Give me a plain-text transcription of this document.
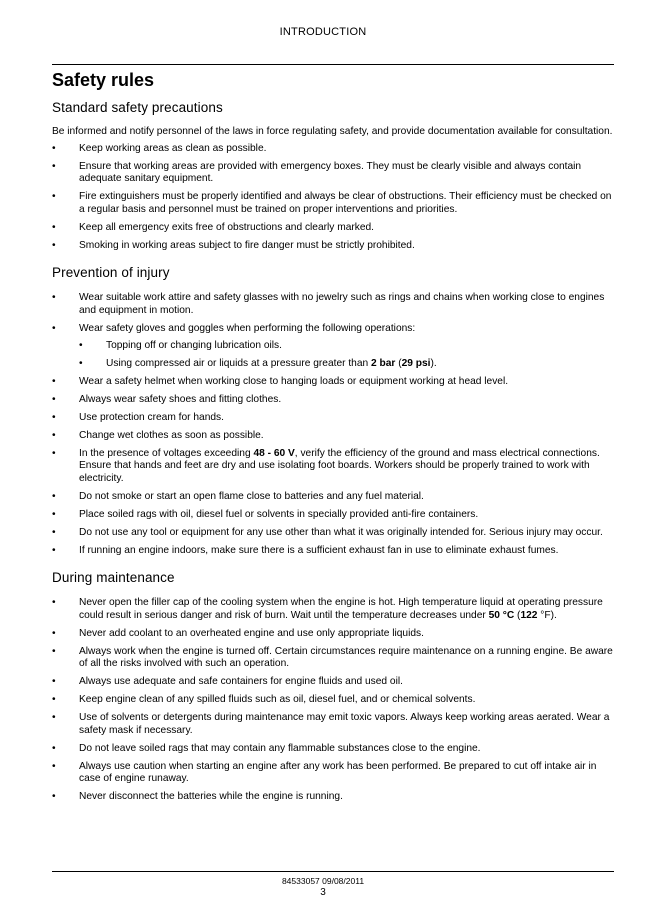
INTRODUCTION
Safety rules
Standard safety precautions

Be informed and notify personnel of the laws in force regulating safety, and provide documentation available for consultation.

• Keep working areas as clean as possible.
• Ensure that working areas are provided with emergency boxes. They must be clearly visible and always contain adequate sanitary equipment.
• Fire extinguishers must be properly identified and always be clear of obstructions. Their efficiency must be checked on a regular basis and personnel must be trained on proper interventions and priorities.
• Keep all emergency exits free of obstructions and clearly marked.
• Smoking in working areas subject to fire danger must be strictly prohibited.
Prevention of injury
• Wear suitable work attire and safety glasses with no jewelry such as rings and chains when working close to engines and equipment in motion.
• Wear safety gloves and goggles when performing the following operations:
• Topping off or changing lubrication oils.
• Using compressed air or liquids at a pressure greater than 2 bar (29 psi).
• Wear a safety helmet when working close to hanging loads or equipment working at head level.
• Always wear safety shoes and fitting clothes.
• Use protection cream for hands.
• Change wet clothes as soon as possible.
• In the presence of voltages exceeding 48 - 60 V, verify the efficiency of the ground and mass electrical connections. Ensure that hands and feet are dry and use isolating foot boards. Workers should be properly trained to work with electricity.
• Do not smoke or start an open flame close to batteries and any fuel material.
• Place soiled rags with oil, diesel fuel or solvents in specially provided anti-fire containers.
• Do not use any tool or equipment for any use other than what it was originally intended for. Serious injury may occur.
• If running an engine indoors, make sure there is a sufficient exhaust fan in use to eliminate exhaust fumes.
During maintenance
• Never open the filler cap of the cooling system when the engine is hot. High temperature liquid at operating pressure could result in serious danger and risk of burn. Wait until the temperature decreases under 50 °C (122 °F).
• Never add coolant to an overheated engine and use only appropriate liquids.
• Always work when the engine is turned off. Certain circumstances require maintenance on a running engine. Be aware of all the risks involved with such an operation.
• Always use adequate and safe containers for engine fluids and used oil.
• Keep engine clean of any spilled fluids such as oil, diesel fuel, and or chemical solvents.
• Use of solvents or detergents during maintenance may emit toxic vapors. Always keep working areas aerated. Wear a safety mask if necessary.
• Do not leave soiled rags that may contain any flammable substances close to the engine.
• Always use caution when starting an engine after any work has been performed. Be prepared to cut off intake air in case of engine runaway.
• Never disconnect the batteries while the engine is running.
84533057 09/08/2011
3
